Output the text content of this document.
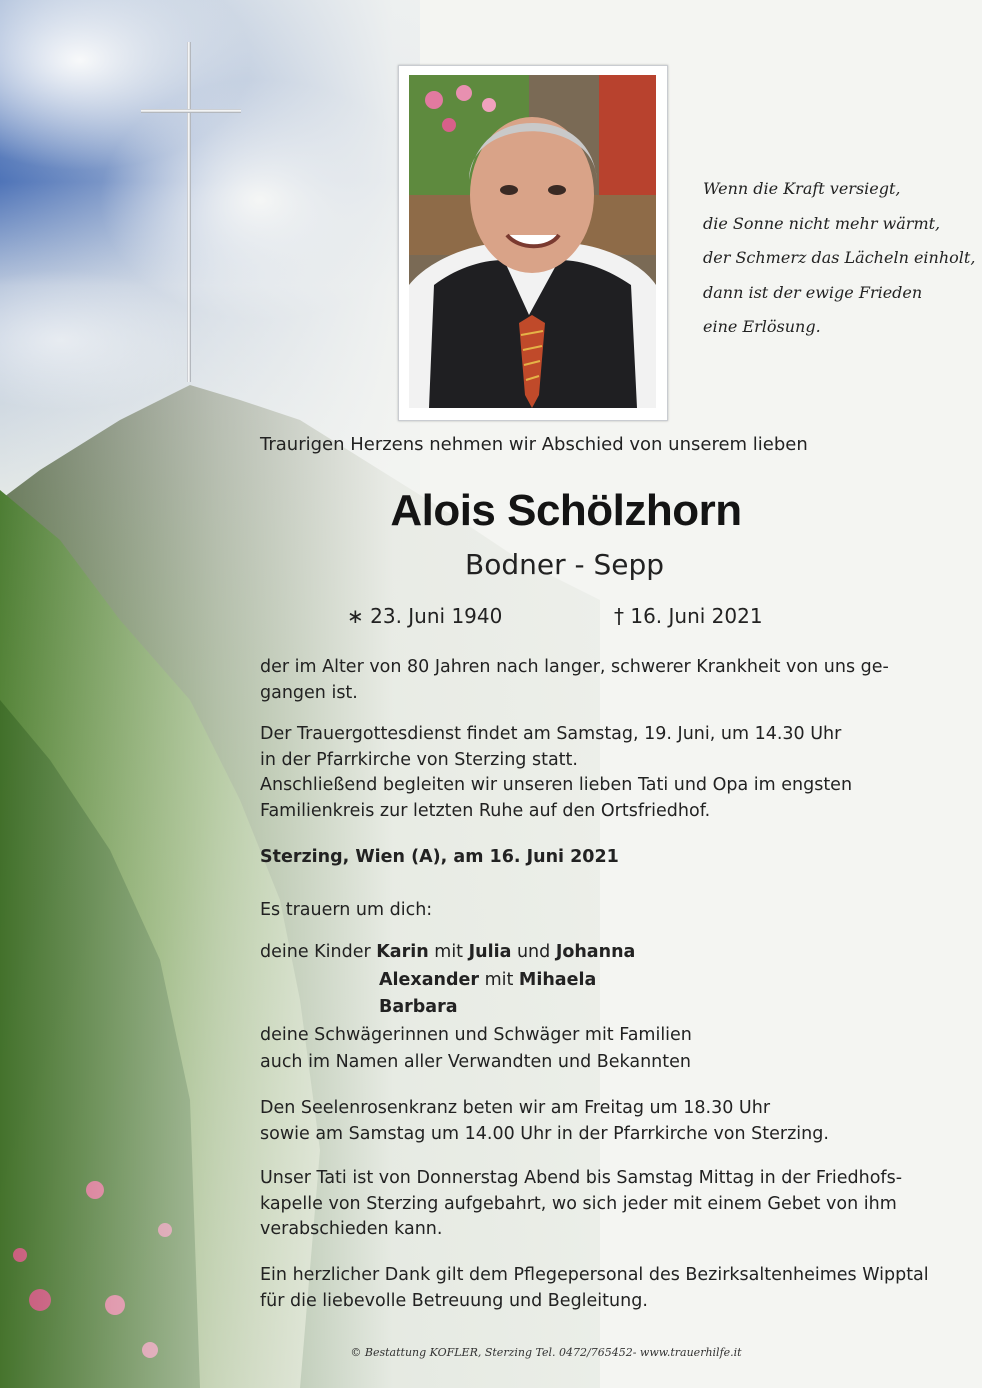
Wenn die Kraft versiegt,
die Sonne nicht mehr wärmt,
der Schmerz das Lächeln einholt,
dann ist der ewige Frieden
eine Erlösung.
Traurigen Herzens nehmen wir Abschied von unserem lieben
Alois Schölzhorn
Bodner - Sepp
∗ 23. Juni 1940	† 16. Juni 2021
der im Alter von 80 Jahren nach langer, schwerer Krankheit von uns ge-
gangen ist.
Der Trauergottesdienst findet am Samstag, 19. Juni, um 14.30 Uhr
in der Pfarrkirche von Sterzing statt.
Anschließend begleiten wir unseren lieben Tati und Opa im engsten
Familienkreis zur letzten Ruhe auf den Ortsfriedhof.
Sterzing, Wien (A), am 16. Juni 2021
Es trauern um dich:
deine Kinder Karin mit Julia und Johanna
Alexander mit Mihaela
Barbara
deine Schwägerinnen und Schwäger mit Familien
auch im Namen aller Verwandten und Bekannten
Den Seelenrosenkranz beten wir am Freitag um 18.30 Uhr
sowie am Samstag um 14.00 Uhr in der Pfarrkirche von Sterzing.
Unser Tati ist von Donnerstag Abend bis Samstag Mittag in der Friedhofs-
kapelle von Sterzing aufgebahrt, wo sich jeder mit einem Gebet von ihm
verabschieden kann.
Ein herzlicher Dank gilt dem Pflegepersonal des Bezirksaltenheimes Wipptal
für die liebevolle Betreuung und Begleitung.
© Bestattung KOFLER, Sterzing Tel. 0472/765452- www.trauerhilfe.it
